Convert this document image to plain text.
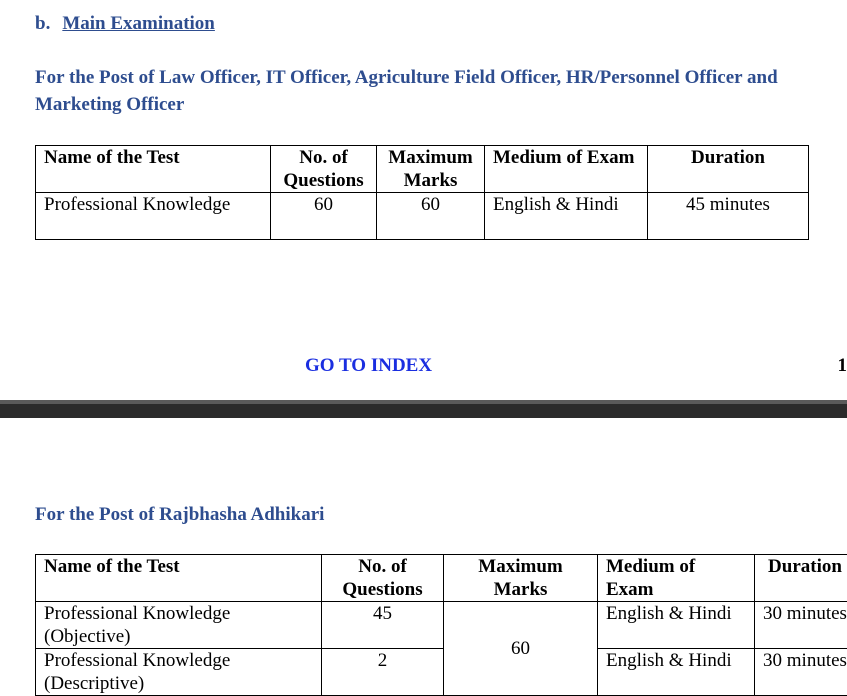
b. Main Examination

For the Post of Law Officer, IT Officer, Agriculture Field Officer, HR/Personnel Officer and Marketing Officer

Name of the Test	No. of Questions	Maximum Marks	Medium of Exam	Duration
Professional Knowledge	60	60	English & Hindi	45 minutes
GO TO INDEX	1

For the Post of Rajbhasha Adhikari

Name of the Test	No. of Questions	Maximum Marks	Medium of Exam	Duration
Professional Knowledge (Objective)	45	60	English & Hindi	30 minutes
Professional Knowledge (Descriptive)	2		English & Hindi	30 minutes
